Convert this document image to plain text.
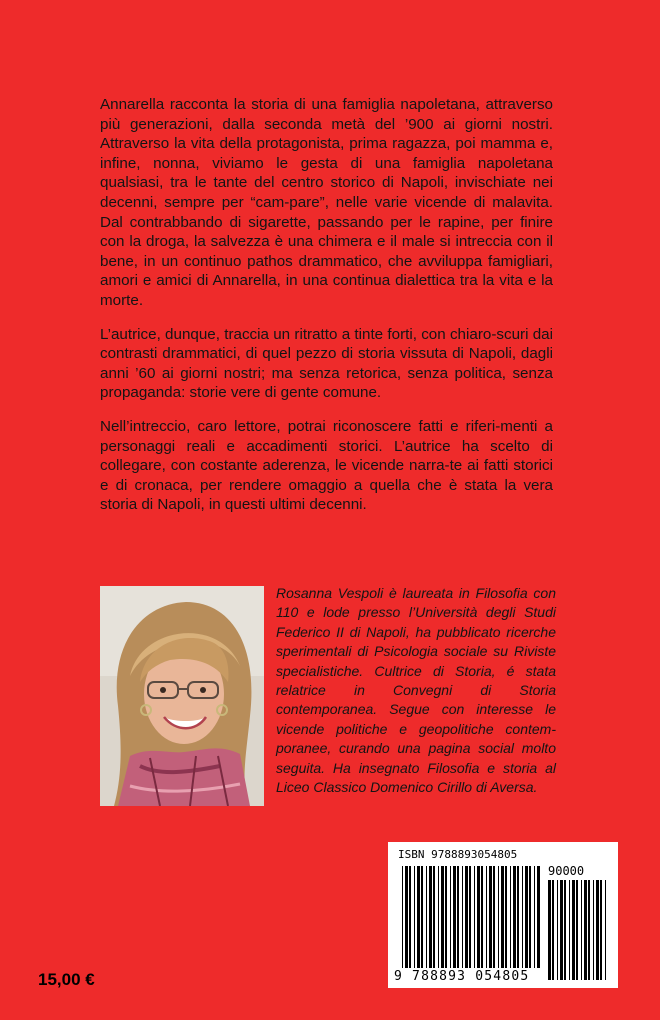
Annarella racconta la storia di una famiglia napoletana, attraverso più generazioni, dalla seconda metà del ’900 ai giorni nostri. Attraverso la vita della protagonista, prima ragazza, poi mamma e, infine, nonna, viviamo le gesta di una famiglia napoletana qualsiasi, tra le tante del centro storico di Napoli, invischiate nei decenni, sempre per “cam-pare”, nelle varie vicende di malavita. Dal contrabbando di sigarette, passando per le rapine, per finire con la droga, la salvezza è una chimera e il male si intreccia con il bene, in un continuo pathos drammatico, che avviluppa famigliari, amori e amici di Annarella, in una continua dialettica tra la vita e la morte.

L’autrice, dunque, traccia un ritratto a tinte forti, con chiaro-scuri dai contrasti drammatici, di quel pezzo di storia vissuta di Napoli, dagli anni ’60 ai giorni nostri; ma senza retorica, senza politica, senza propaganda: storie vere di gente comune.

Nell’intreccio, caro lettore, potrai riconoscere fatti e riferi-menti a personaggi reali e accadimenti storici. L’autrice ha scelto di collegare, con costante aderenza, le vicende narra-te ai fatti storici e di cronaca, per rendere omaggio a quella che è stata la vera storia di Napoli, in questi ultimi decenni.

Rosanna Vespoli è laureata in Filosofia con 110 e lode presso l’Università degli Studi Federico II di Napoli, ha pubblicato ricerche sperimentali di Psicologia sociale su Riviste specialistiche. Cultrice di Storia, é stata relatrice in Convegni di Storia contemporanea. Segue con interesse le vicende politiche e geopolitiche contem-poranee, curando una pagina social molto seguita. Ha insegnato Filosofia e storia al Liceo Classico Domenico Cirillo di Aversa.
ISBN 9788893054805
90000
9 788893 054805
15,00 €
